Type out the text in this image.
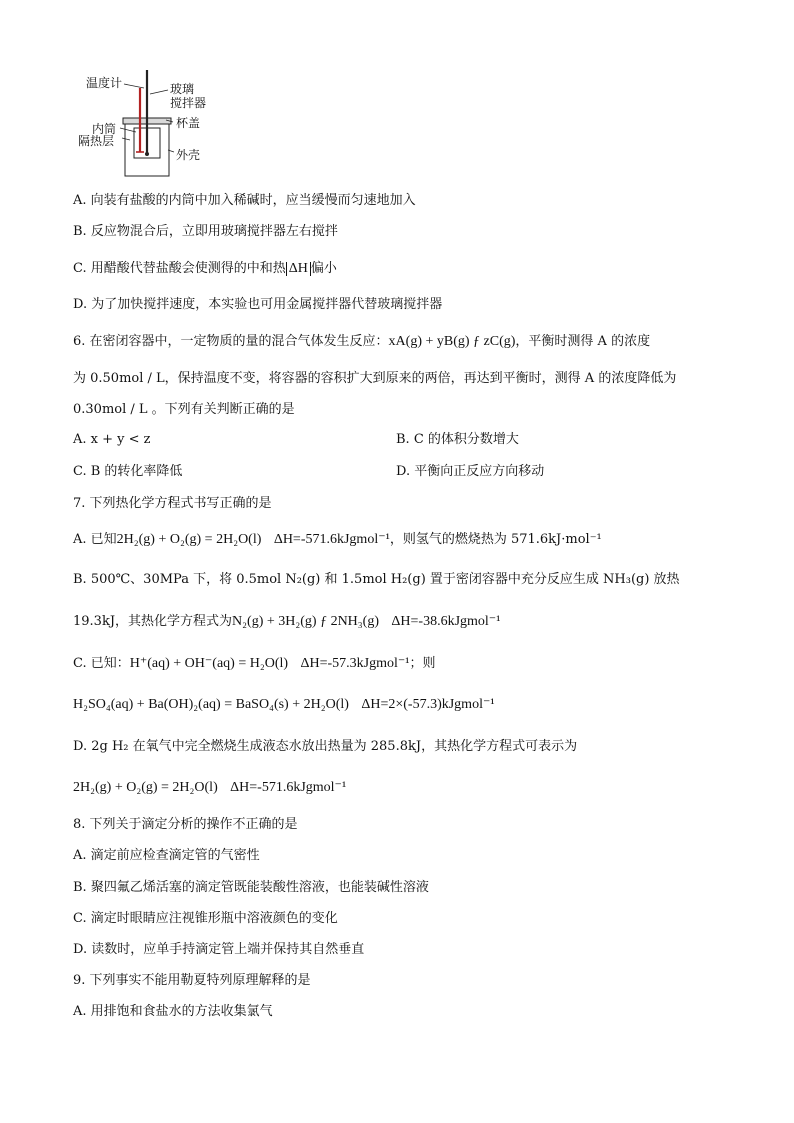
温度计	玻璃
搅拌器
杯盖
内筒
隔热层
外壳
A. 向装有盐酸的内筒中加入稀碱时，应当缓慢而匀速地加入
B. 反应物混合后，立即用玻璃搅拌器左右搅拌
C. 用醋酸代替盐酸会使测得的中和热 ΔH 偏小
D. 为了加快搅拌速度，本实验也可用金属搅拌器代替玻璃搅拌器
6. 在密闭容器中，一定物质的量的混合气体发生反应：xA(g) + yB(g) ƒ zC(g)，平衡时测得 A 的浓度
为 0.50mol / L，保持温度不变，将容器的容积扩大到原来的两倍，再达到平衡时，测得 A 的浓度降低为
0.30mol / L 。下列有关判断正确的是
A. x + y < z	B. C 的体积分数增大
C. B 的转化率降低	D. 平衡向正反应方向移动
7. 下列热化学方程式书写正确的是
A. 已知2H₂(g) + O₂(g) = 2H₂O(l) ΔH=-571.6kJgmol⁻¹，则氢气的燃烧热为 571.6kJ·mol⁻¹
B. 500℃、30MPa 下，将 0.5mol N₂(g) 和 1.5mol H₂(g) 置于密闭容器中充分反应生成 NH₃(g) 放热
19.3kJ，其热化学方程式为N₂(g) + 3H₂(g) ƒ 2NH₃(g) ΔH=-38.6kJgmol⁻¹
C. 已知：H⁺(aq) + OH⁻(aq) = H₂O(l) ΔH=-57.3kJgmol⁻¹；则
H₂SO₄(aq) + Ba(OH)₂(aq) = BaSO₄(s) + 2H₂O(l) ΔH=2×(-57.3)kJgmol⁻¹
D. 2g H₂ 在氧气中完全燃烧生成液态水放出热量为 285.8kJ，其热化学方程式可表示为
2H₂(g) + O₂(g) = 2H₂O(l) ΔH=-571.6kJgmol⁻¹
8. 下列关于滴定分析的操作不正确的是
A. 滴定前应检查滴定管的气密性
B. 聚四氟乙烯活塞的滴定管既能装酸性溶液，也能装碱性溶液
C. 滴定时眼睛应注视锥形瓶中溶液颜色的变化
D. 读数时，应单手持滴定管上端并保持其自然垂直
9. 下列事实不能用勒夏特列原理解释的是
A. 用排饱和食盐水的方法收集氯气
